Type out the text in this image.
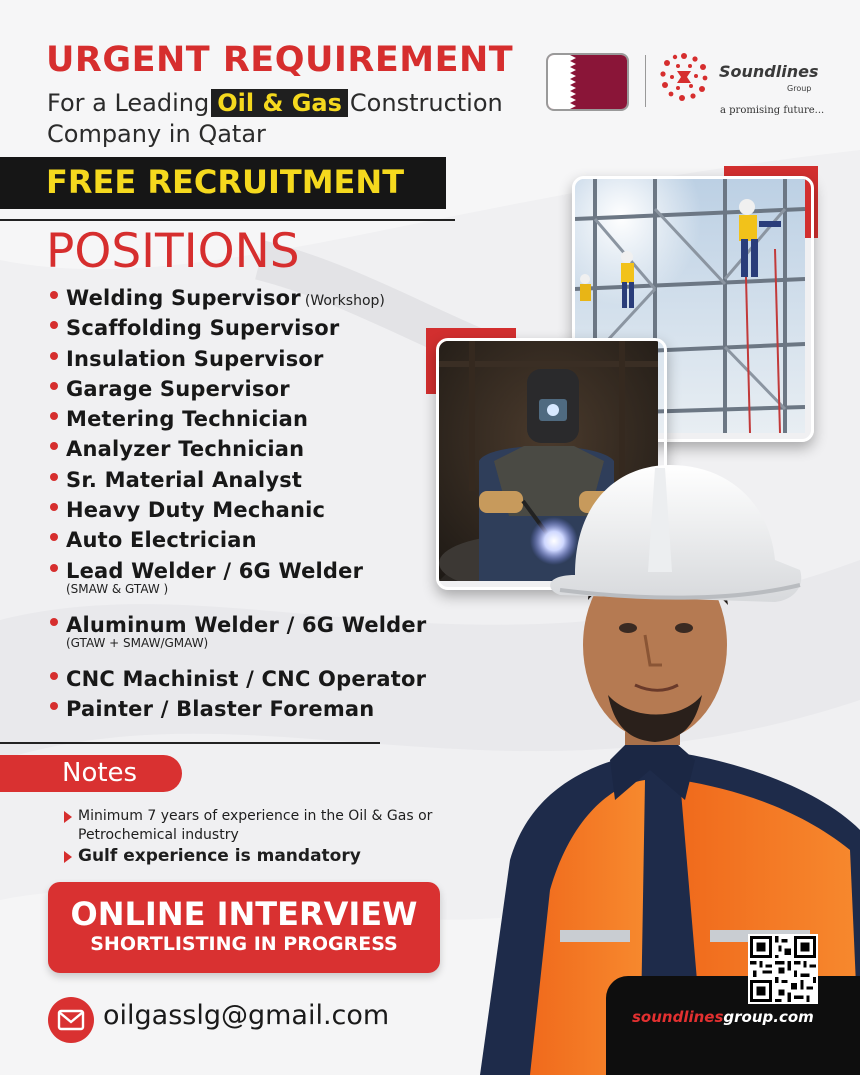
URGENT REQUIREMENT
For a Leading Oil & Gas Construction
Company in Qatar
FREE RECRUITMENT
Soundlines
Group
a promising future...
POSITIONS
Welding Supervisor (Workshop)
Scaffolding Supervisor
Insulation Supervisor
Garage Supervisor
Metering Technician
Analyzer Technician
Sr. Material Analyst
Heavy Duty Mechanic
Auto Electrician
Lead Welder / 6G Welder
(SMAW & GTAW )
Aluminum Welder / 6G Welder
(GTAW + SMAW/GMAW)
CNC Machinist / CNC Operator
Painter / Blaster Foreman
Notes
Minimum 7 years of experience in the Oil & Gas or Petrochemical industry
Gulf experience is mandatory
ONLINE INTERVIEW
SHORTLISTING IN PROGRESS
oilgasslg@gmail.com	soundlinesgroup.com
